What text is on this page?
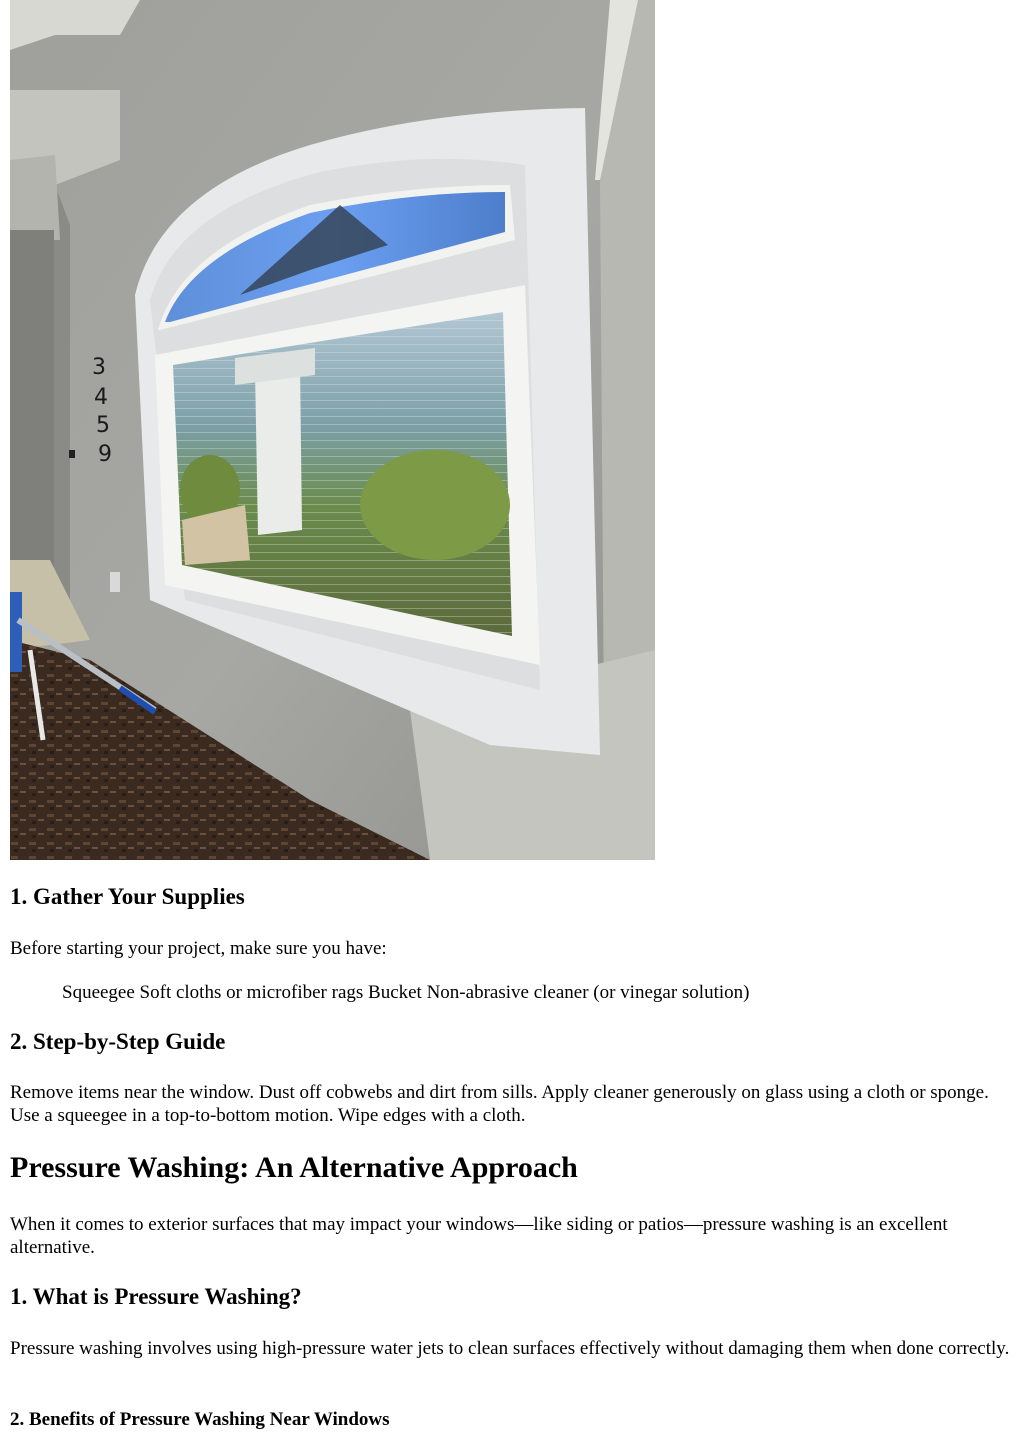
3
4
5
9
1. Gather Your Supplies

Before starting your project, make sure you have:

Squeegee Soft cloths or microfiber rags Bucket Non-abrasive cleaner (or vinegar solution)

2. Step-by-Step Guide

Remove items near the window. Dust off cobwebs and dirt from sills. Apply cleaner generously on glass using a cloth or sponge. Use a squeegee in a top-to-bottom motion. Wipe edges with a cloth.

Pressure Washing: An Alternative Approach

When it comes to exterior surfaces that may impact your windows—like siding or patios—pressure washing is an excellent alternative.

1. What is Pressure Washing?

Pressure washing involves using high-pressure water jets to clean surfaces effectively without damaging them when done correctly.

2. Benefits of Pressure Washing Near Windows
